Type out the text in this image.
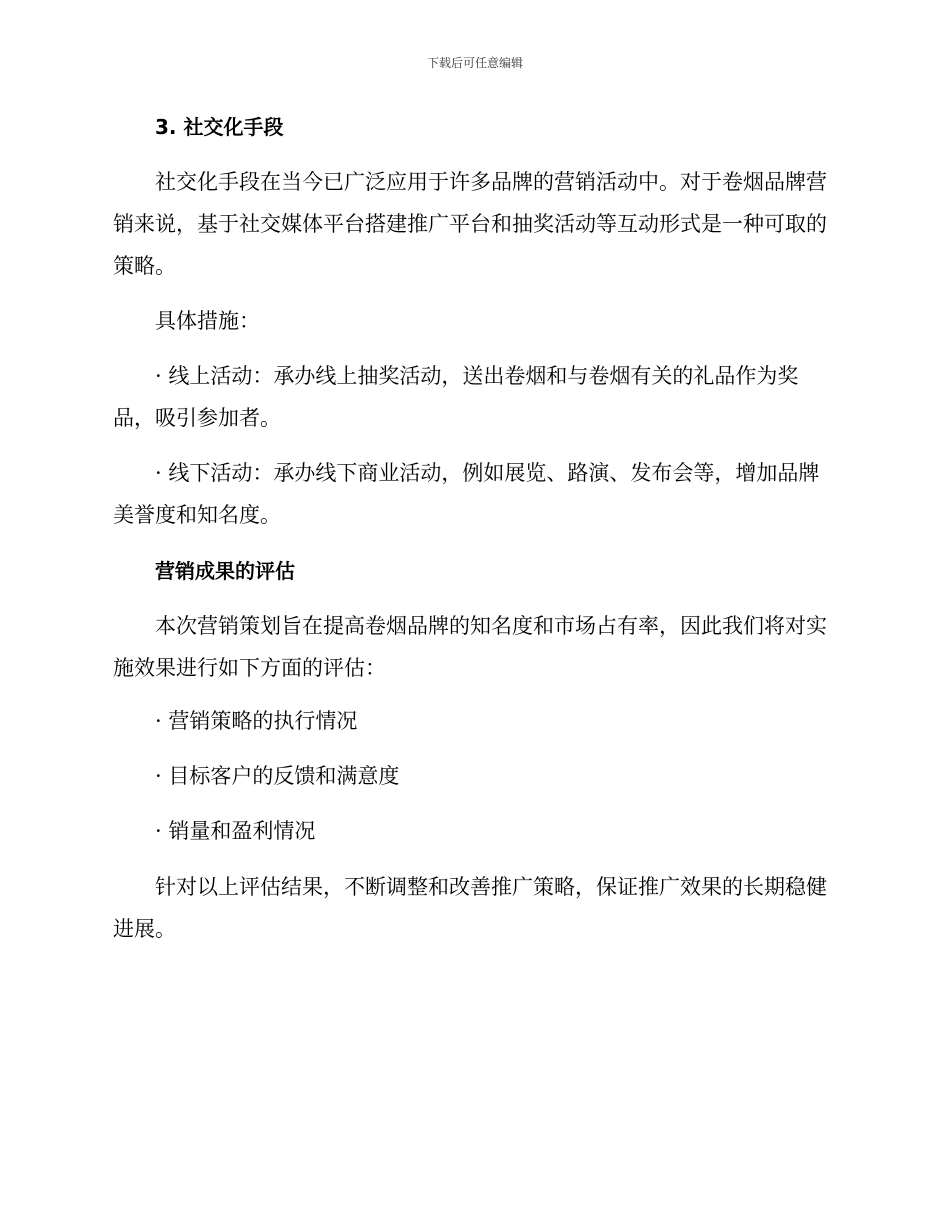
下载后可任意编辑

3. 社交化手段

社交化手段在当今已广泛应用于许多品牌的营销活动中。对于卷烟品牌营销来说，基于社交媒体平台搭建推广平台和抽奖活动等互动形式是一种可取的策略。

具体措施：

· 线上活动：承办线上抽奖活动，送出卷烟和与卷烟有关的礼品作为奖品，吸引参加者。

· 线下活动：承办线下商业活动，例如展览、路演、发布会等，增加品牌美誉度和知名度。

营销成果的评估

本次营销策划旨在提高卷烟品牌的知名度和市场占有率，因此我们将对实施效果进行如下方面的评估：

· 营销策略的执行情况

· 目标客户的反馈和满意度

· 销量和盈利情况

针对以上评估结果，不断调整和改善推广策略，保证推广效果的长期稳健进展。
